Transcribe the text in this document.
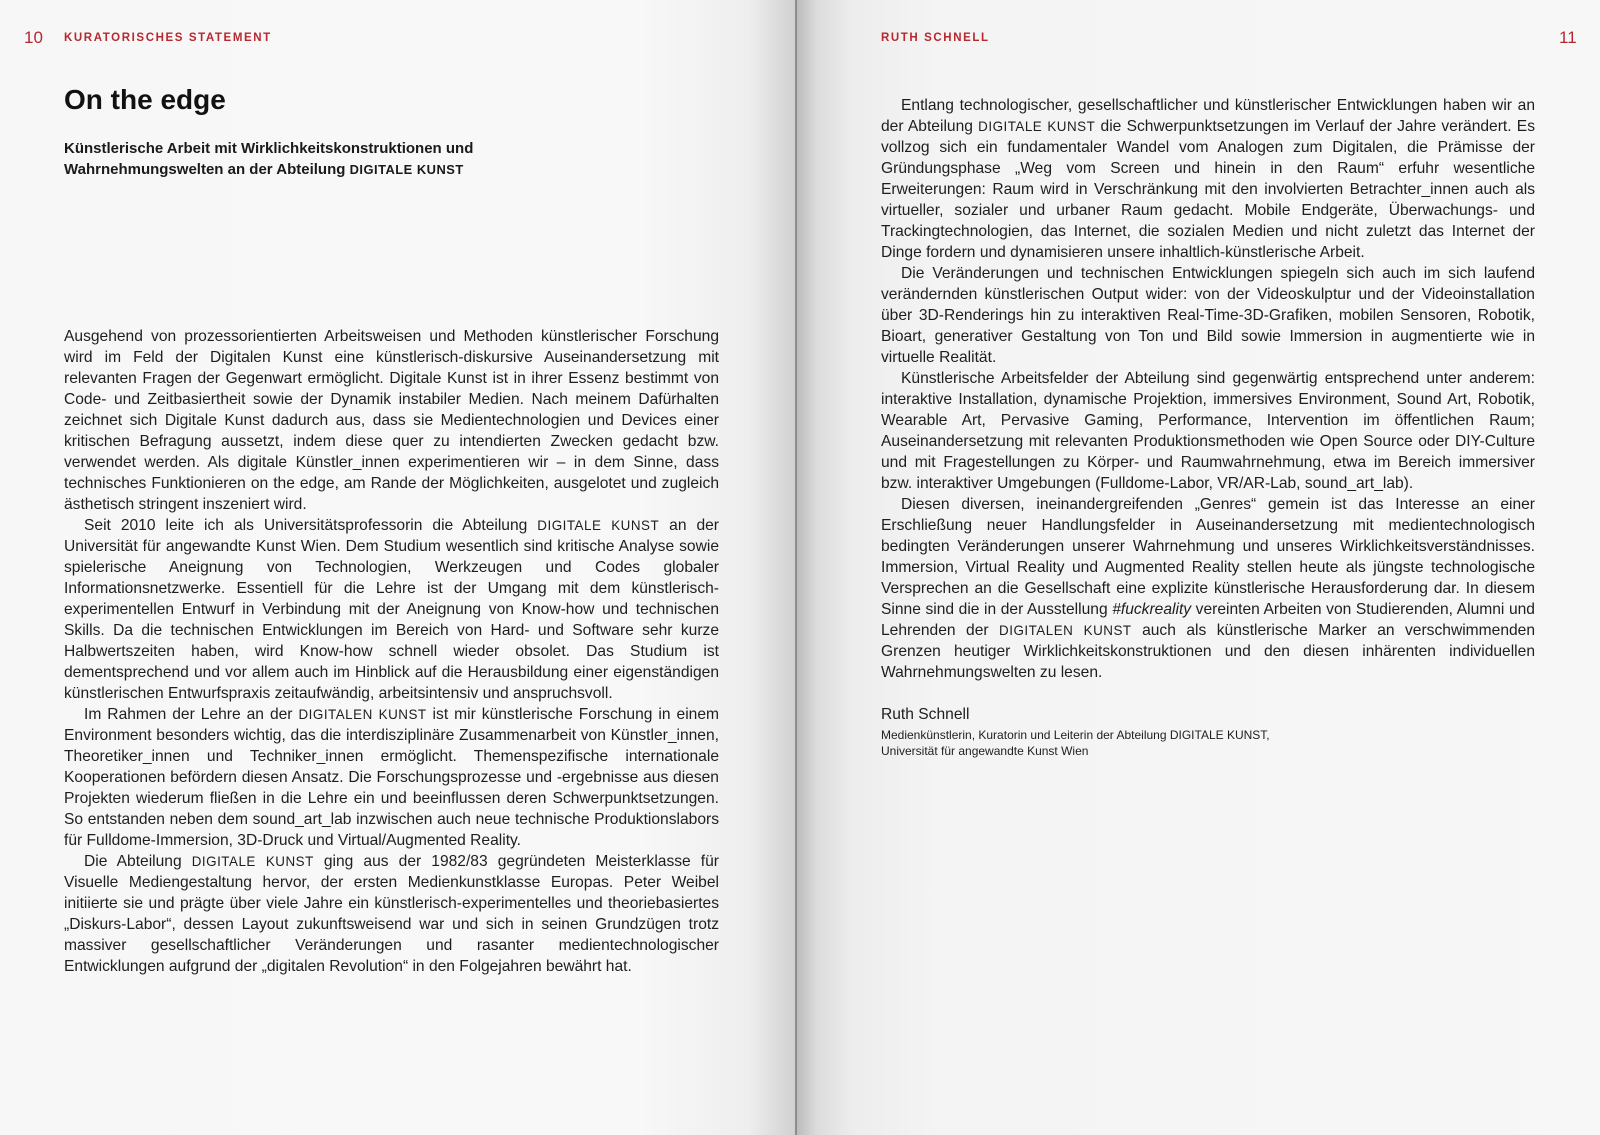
10 KURATORISCHES STATEMENT
On the edge

Künstlerische Arbeit mit Wirklichkeitskonstruktionen und Wahrnehmungswelten an der Abteilung DIGITALE KUNST

Ausgehend von prozessorientierten Arbeitsweisen und Methoden künstlerischer Forschung wird im Feld der Digitalen Kunst eine künstlerisch-diskursive Auseinandersetzung mit relevanten Fragen der Gegenwart ermöglicht. Digitale Kunst ist in ihrer Essenz bestimmt von Code- und Zeitbasiertheit sowie der Dynamik instabiler Medien. Nach meinem Dafürhalten zeichnet sich Digitale Kunst dadurch aus, dass sie Medientechnologien und Devices einer kritischen Befragung aussetzt, indem diese quer zu intendierten Zwecken gedacht bzw. verwendet werden. Als digitale Künstler_innen experimentieren wir – in dem Sinne, dass technisches Funktionieren on the edge, am Rande der Möglichkeiten, ausgelotet und zugleich ästhetisch stringent inszeniert wird.

Seit 2010 leite ich als Universitätsprofessorin die Abteilung DIGITALE KUNST an der Universität für angewandte Kunst Wien. Dem Studium wesentlich sind kritische Analyse sowie spielerische Aneignung von Technologien, Werkzeugen und Codes globaler Informationsnetzwerke. Essentiell für die Lehre ist der Umgang mit dem künstlerisch-experimentellen Entwurf in Verbindung mit der Aneignung von Know-how und technischen Skills. Da die technischen Entwicklungen im Bereich von Hard- und Software sehr kurze Halbwertszeiten haben, wird Know-how schnell wieder obsolet. Das Studium ist dementsprechend und vor allem auch im Hinblick auf die Herausbildung einer eigenständigen künstlerischen Entwurfspraxis zeitaufwändig, arbeitsintensiv und anspruchsvoll.

Im Rahmen der Lehre an der DIGITALEN KUNST ist mir künstlerische Forschung in einem Environment besonders wichtig, das die interdisziplinäre Zusammenarbeit von Künstler_innen, Theoretiker_innen und Techniker_innen ermöglicht. Themenspezifische internationale Kooperationen befördern diesen Ansatz. Die Forschungsprozesse und -ergebnisse aus diesen Projekten wiederum fließen in die Lehre ein und beeinflussen deren Schwerpunktsetzungen. So entstanden neben dem sound_art_lab inzwischen auch neue technische Produktionslabors für Fulldome-Immersion, 3D-Druck und Virtual/Augmented Reality.

Die Abteilung DIGITALE KUNST ging aus der 1982/83 gegründeten Meisterklasse für Visuelle Mediengestaltung hervor, der ersten Medienkunstklasse Europas. Peter Weibel initiierte sie und prägte über viele Jahre ein künstlerisch-experimentelles und theoriebasiertes „Diskurs-Labor“, dessen Layout zukunftsweisend war und sich in seinen Grundzügen trotz massiver gesellschaftlicher Veränderungen und rasanter medientechnologischer Entwicklungen aufgrund der „digitalen Revolution“ in den Folgejahren bewährt hat.

RUTH SCHNELL	11

Entlang technologischer, gesellschaftlicher und künstlerischer Entwicklungen haben wir an der Abteilung DIGITALE KUNST die Schwerpunktsetzungen im Verlauf der Jahre verändert. Es vollzog sich ein fundamentaler Wandel vom Analogen zum Digitalen, die Prämisse der Gründungsphase „Weg vom Screen und hinein in den Raum“ erfuhr wesentliche Erweiterungen: Raum wird in Verschränkung mit den involvierten Betrachter_innen auch als virtueller, sozialer und urbaner Raum gedacht. Mobile Endgeräte, Überwachungs- und Trackingtechnologien, das Internet, die sozialen Medien und nicht zuletzt das Internet der Dinge fordern und dynamisieren unsere inhaltlich-künstlerische Arbeit.

Die Veränderungen und technischen Entwicklungen spiegeln sich auch im sich laufend verändernden künstlerischen Output wider: von der Videoskulptur und der Videoinstallation über 3D-Renderings hin zu interaktiven Real-Time-3D-Grafiken, mobilen Sensoren, Robotik, Bioart, generativer Gestaltung von Ton und Bild sowie Immersion in augmentierte wie in virtuelle Realität.

Künstlerische Arbeitsfelder der Abteilung sind gegenwärtig entsprechend unter anderem: interaktive Installation, dynamische Projektion, immersives Environment, Sound Art, Robotik, Wearable Art, Pervasive Gaming, Performance, Intervention im öffentlichen Raum; Auseinandersetzung mit relevanten Produktionsmethoden wie Open Source oder DIY-Culture und mit Fragestellungen zu Körper- und Raumwahrnehmung, etwa im Bereich immersiver bzw. interaktiver Umgebungen (Fulldome-Labor, VR/AR-Lab, sound_art_lab).

Diesen diversen, ineinandergreifenden „Genres“ gemein ist das Interesse an einer Erschließung neuer Handlungsfelder in Auseinandersetzung mit medientechnologisch bedingten Veränderungen unserer Wahrnehmung und unseres Wirklichkeitsverständnisses. Immersion, Virtual Reality und Augmented Reality stellen heute als jüngste technologische Versprechen an die Gesellschaft eine explizite künstlerische Herausforderung dar. In diesem Sinne sind die in der Ausstellung #fuckreality vereinten Arbeiten von Studierenden, Alumni und Lehrenden der DIGITALEN KUNST auch als künstlerische Marker an verschwimmenden Grenzen heutiger Wirklichkeitskonstruktionen und den diesen inhärenten individuellen Wahrnehmungswelten zu lesen.

Ruth Schnell
Medienkünstlerin, Kuratorin und Leiterin der Abteilung DIGITALE KUNST,
Universität für angewandte Kunst Wien
